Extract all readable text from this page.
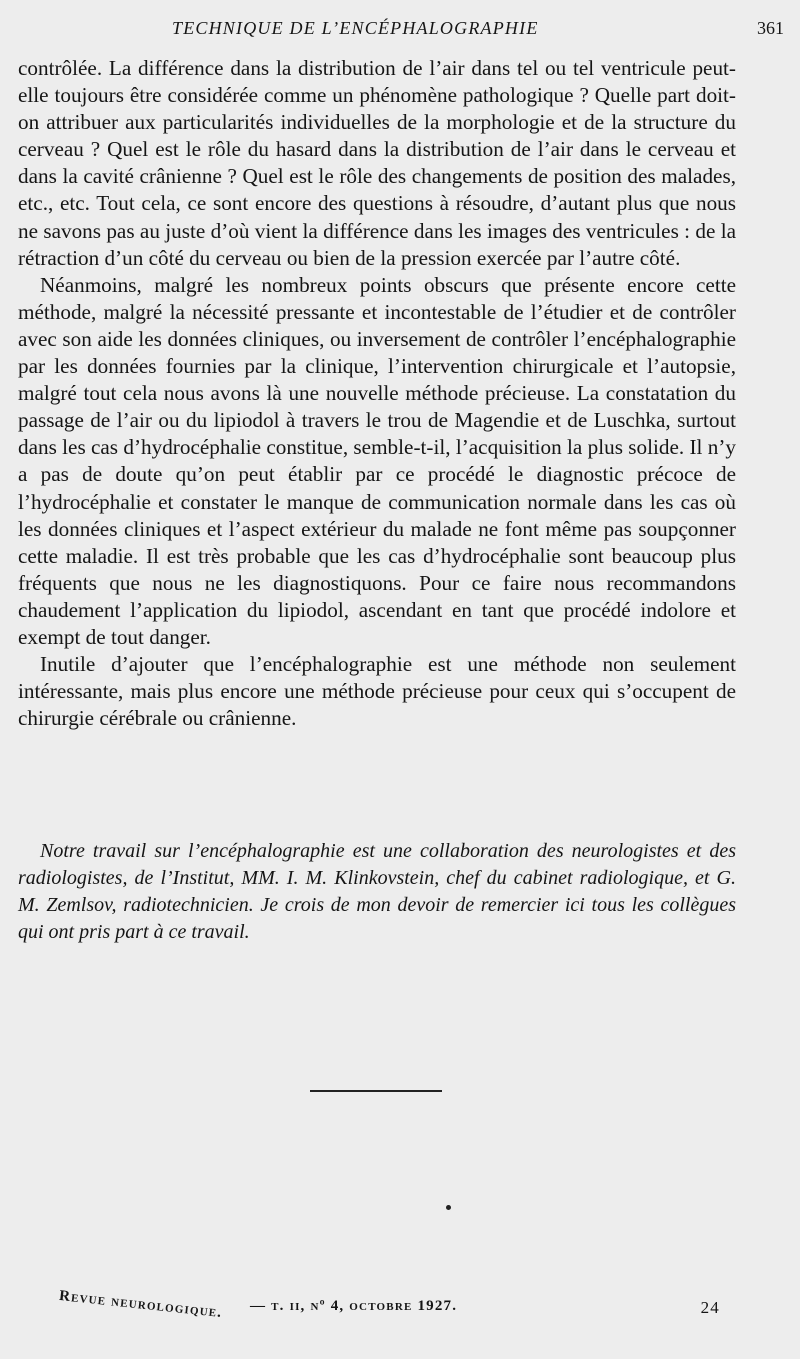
TECHNIQUE DE L’ENCÉPHALOGRAPHIE	361

contrôlée. La différence dans la distribution de l’air dans tel ou tel ventricule peut-elle toujours être considérée comme un phénomène pathologique ? Quelle part doit-on attribuer aux particularités individuelles de la morphologie et de la structure du cerveau ? Quel est le rôle du hasard dans la distribution de l’air dans le cerveau et dans la cavité crânienne ? Quel est le rôle des changements de position des malades, etc., etc. Tout cela, ce sont encore des questions à résoudre, d’autant plus que nous ne savons pas au juste d’où vient la différence dans les images des ventricules : de la rétraction d’un côté du cerveau ou bien de la pression exercée par l’autre côté.

Néanmoins, malgré les nombreux points obscurs que présente encore cette méthode, malgré la nécessité pressante et incontestable de l’étudier et de contrôler avec son aide les données cliniques, ou inversement de contrôler l’encéphalographie par les données fournies par la clinique, l’intervention chirurgicale et l’autopsie, malgré tout cela nous avons là une nouvelle méthode précieuse. La constatation du passage de l’air ou du lipiodol à travers le trou de Magendie et de Luschka, surtout dans les cas d’hydrocéphalie constitue, semble-t-il, l’acquisition la plus solide. Il n’y a pas de doute qu’on peut établir par ce procédé le diagnostic précoce de l’hydrocéphalie et constater le manque de communication normale dans les cas où les données cliniques et l’aspect extérieur du malade ne font même pas soupçonner cette maladie. Il est très probable que les cas d’hydrocéphalie sont beaucoup plus fréquents que nous ne les diagnostiquons. Pour ce faire nous recommandons chaudement l’application du lipiodol, ascendant en tant que procédé indolore et exempt de tout danger.

Inutile d’ajouter que l’encéphalographie est une méthode non seulement intéressante, mais plus encore une méthode précieuse pour ceux qui s’occupent de chirurgie cérébrale ou crânienne.

Notre travail sur l’encéphalographie est une collaboration des neurologistes et des radiologistes, de l’Institut, MM. I. M. Klinkovstein, chef du cabinet radiologique, et G. M. Zemlsov, radiotechnicien. Je crois de mon devoir de remercier ici tous les collègues qui ont pris part à ce travail.

Revue neurologique. — t. ii, nº 4, octobre 1927.	24
